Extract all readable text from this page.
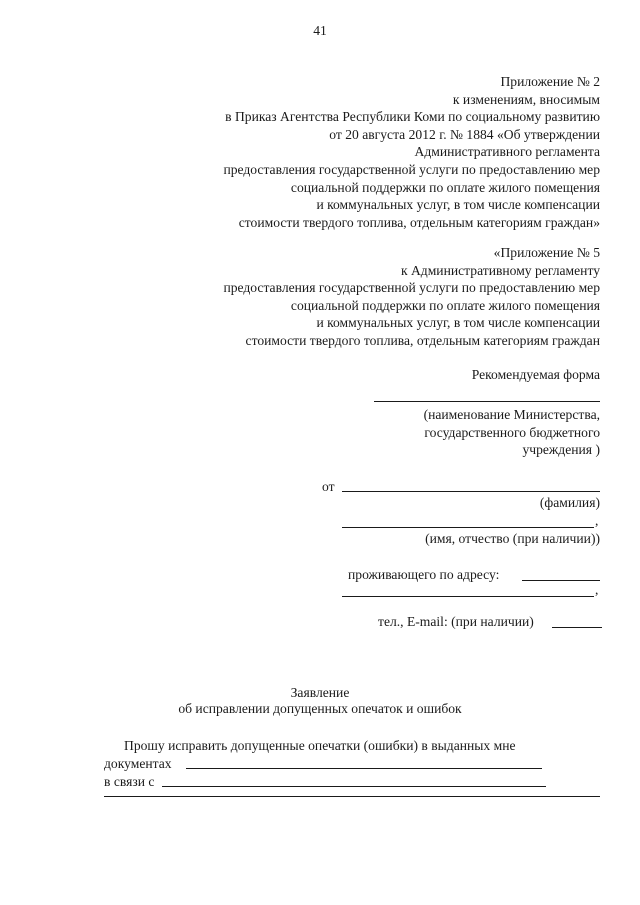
41
Приложение № 2
к изменениям, вносимым
в Приказ Агентства Республики Коми по социальному развитию
от 20 августа 2012 г. № 1884 «Об утверждении
Административного регламента
предоставления государственной услуги по предоставлению мер
социальной поддержки по оплате жилого помещения
и коммунальных услуг, в том числе компенсации
стоимости твердого топлива, отдельным категориям граждан»
«Приложение № 5
к Административному регламенту
предоставления государственной услуги по предоставлению мер
социальной поддержки по оплате жилого помещения
и коммунальных услуг, в том числе компенсации
стоимости твердого топлива, отдельным категориям граждан
Рекомендуемая форма
(наименование Министерства,
государственного бюджетного
учреждения )
от
(фамилия)
,
(имя, отчество (при наличии))
проживающего по адресу:
,
тел., E-mail: (при наличии)
Заявление
об исправлении допущенных опечаток и ошибок
Прошу исправить допущенные опечатки (ошибки) в выданных мне
документах
в связи с
